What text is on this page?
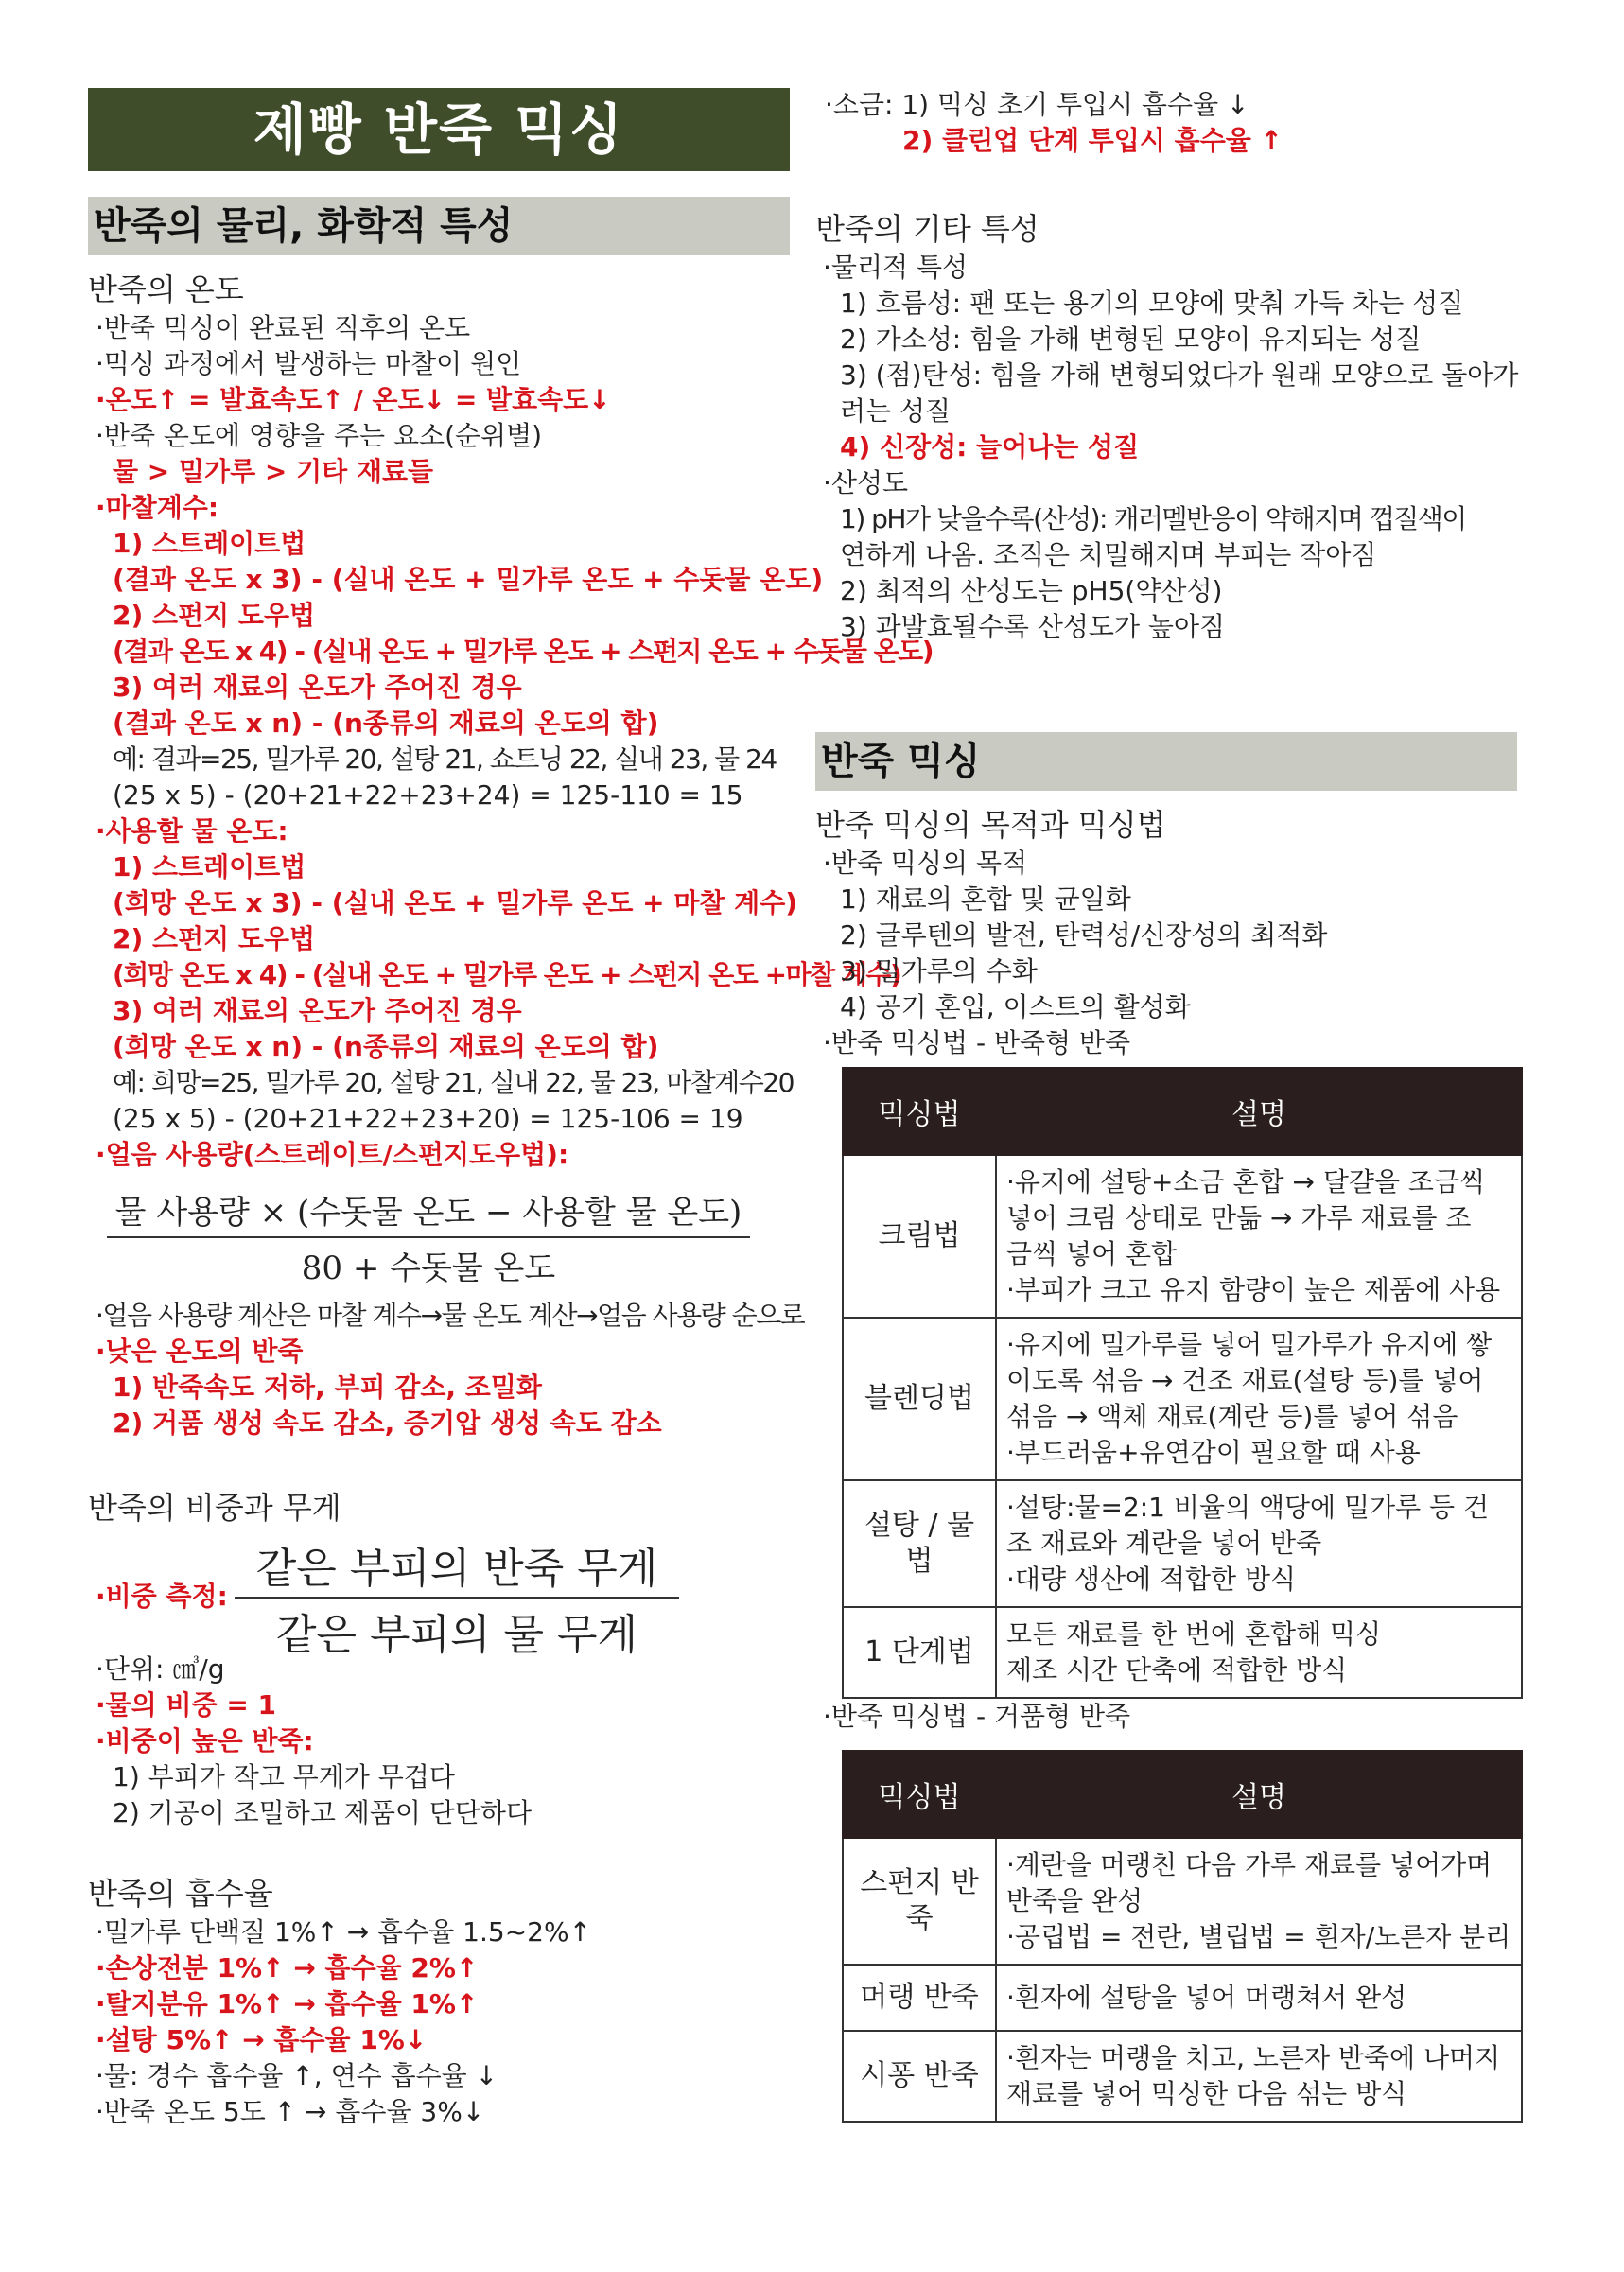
제빵 반죽 믹싱
반죽의 물리, 화학적 특성
반죽의 온도
·반죽 믹싱이 완료된 직후의 온도
·믹싱 과정에서 발생하는 마찰이 원인
·온도↑ = 발효속도↑ / 온도↓ = 발효속도↓
·반죽 온도에 영향을 주는 요소(순위별)
물 > 밀가루 > 기타 재료들
·마찰계수:
1) 스트레이트법
(결과 온도 x 3) - (실내 온도 + 밀가루 온도 + 수돗물 온도)
2) 스펀지 도우법
(결과 온도 x 4) - (실내 온도 + 밀가루 온도 + 스펀지 온도 + 수돗물 온도)
3) 여러 재료의 온도가 주어진 경우
(결과 온도 x n) - (n종류의 재료의 온도의 합)
예: 결과=25, 밀가루 20, 설탕 21, 쇼트닝 22, 실내 23, 물 24
(25 x 5) - (20+21+22+23+24) = 125-110 = 15
·사용할 물 온도:
1) 스트레이트법
(희망 온도 x 3) - (실내 온도 + 밀가루 온도 + 마찰 계수)
2) 스펀지 도우법
(희망 온도 x 4) - (실내 온도 + 밀가루 온도 + 스펀지 온도 +마찰 계수)
3) 여러 재료의 온도가 주어진 경우
(희망 온도 x n) - (n종류의 재료의 온도의 합)
예: 희망=25, 밀가루 20, 설탕 21, 실내 22, 물 23, 마찰계수20
(25 x 5) - (20+21+22+23+20) = 125-106 = 19
·얼음 사용량(스트레이트/스펀지도우법):
물 사용량 × (수돗물 온도 − 사용할 물 온도)
80 + 수돗물 온도
·얼음 사용량 계산은 마찰 계수→물 온도 계산→얼음 사용량 순으로
·낮은 온도의 반죽
1) 반죽속도 저하, 부피 감소, 조밀화
2) 거품 생성 속도 감소, 증기압 생성 속도 감소
반죽의 비중과 무게
·비중 측정:
같은 부피의 반죽 무게
같은 부피의 물 무게
·단위: ㎤/g
·물의 비중 = 1
·비중이 높은 반죽:
1) 부피가 작고 무게가 무겁다
2) 기공이 조밀하고 제품이 단단하다
반죽의 흡수율
·밀가루 단백질 1%↑ → 흡수율 1.5~2%↑
·손상전분 1%↑ → 흡수율 2%↑
·탈지분유 1%↑ → 흡수율 1%↑
·설탕 5%↑ → 흡수율 1%↓
·물: 경수 흡수율 ↑, 연수 흡수율 ↓
·반죽 온도 5도 ↑ → 흡수율 3%↓
·소금: 1) 믹싱 초기 투입시 흡수율 ↓
2) 클린업 단계 투입시 흡수율 ↑
반죽의 기타 특성
·물리적 특성
1) 흐름성: 팬 또는 용기의 모양에 맞춰 가득 차는 성질
2) 가소성: 힘을 가해 변형된 모양이 유지되는 성질
3) (점)탄성: 힘을 가해 변형되었다가 원래 모양으로 돌아가
려는 성질
4) 신장성: 늘어나는 성질
·산성도
1) pH가 낮을수록(산성): 캐러멜반응이 약해지며 껍질색이
연하게 나옴. 조직은 치밀해지며 부피는 작아짐
2) 최적의 산성도는 pH5(약산성)
3) 과발효될수록 산성도가 높아짐
반죽 믹싱
반죽 믹싱의 목적과 믹싱법
·반죽 믹싱의 목적
1) 재료의 혼합 및 균일화
2) 글루텐의 발전, 탄력성/신장성의 최적화
3) 밀가루의 수화
4) 공기 혼입, 이스트의 활성화
·반죽 믹싱법 - 반죽형 반죽
믹싱법	설명
크림법	·유지에 설탕+소금 혼합 → 달걀을 조금씩
넣어 크림 상태로 만듦 → 가루 재료를 조
금씩 넣어 혼합
·부피가 크고 유지 함량이 높은 제품에 사용

블렌딩법	·유지에 밀가루를 넣어 밀가루가 유지에 쌓
이도록 섞음 → 건조 재료(설탕 등)를 넣어
섞음 → 액체 재료(계란 등)를 넣어 섞음
·부드러움+유연감이 필요할 때 사용

설탕 / 물법	·설탕:물=2:1 비율의 액당에 밀가루 등 건
조 재료와 계란을 넣어 반죽
·대량 생산에 적합한 방식

1 단계법	모든 재료를 한 번에 혼합해 믹싱
제조 시간 단축에 적합한 방식
·반죽 믹싱법 - 거품형 반죽
믹싱법	설명
스펀지 반죽	·계란을 머랭친 다음 가루 재료를 넣어가며
반죽을 완성
·공립법 = 전란, 별립법 = 흰자/노른자 분리

머랭 반죽	·흰자에 설탕을 넣어 머랭쳐서 완성

시퐁 반죽	·흰자는 머랭을 치고, 노른자 반죽에 나머지
재료를 넣어 믹싱한 다음 섞는 방식
